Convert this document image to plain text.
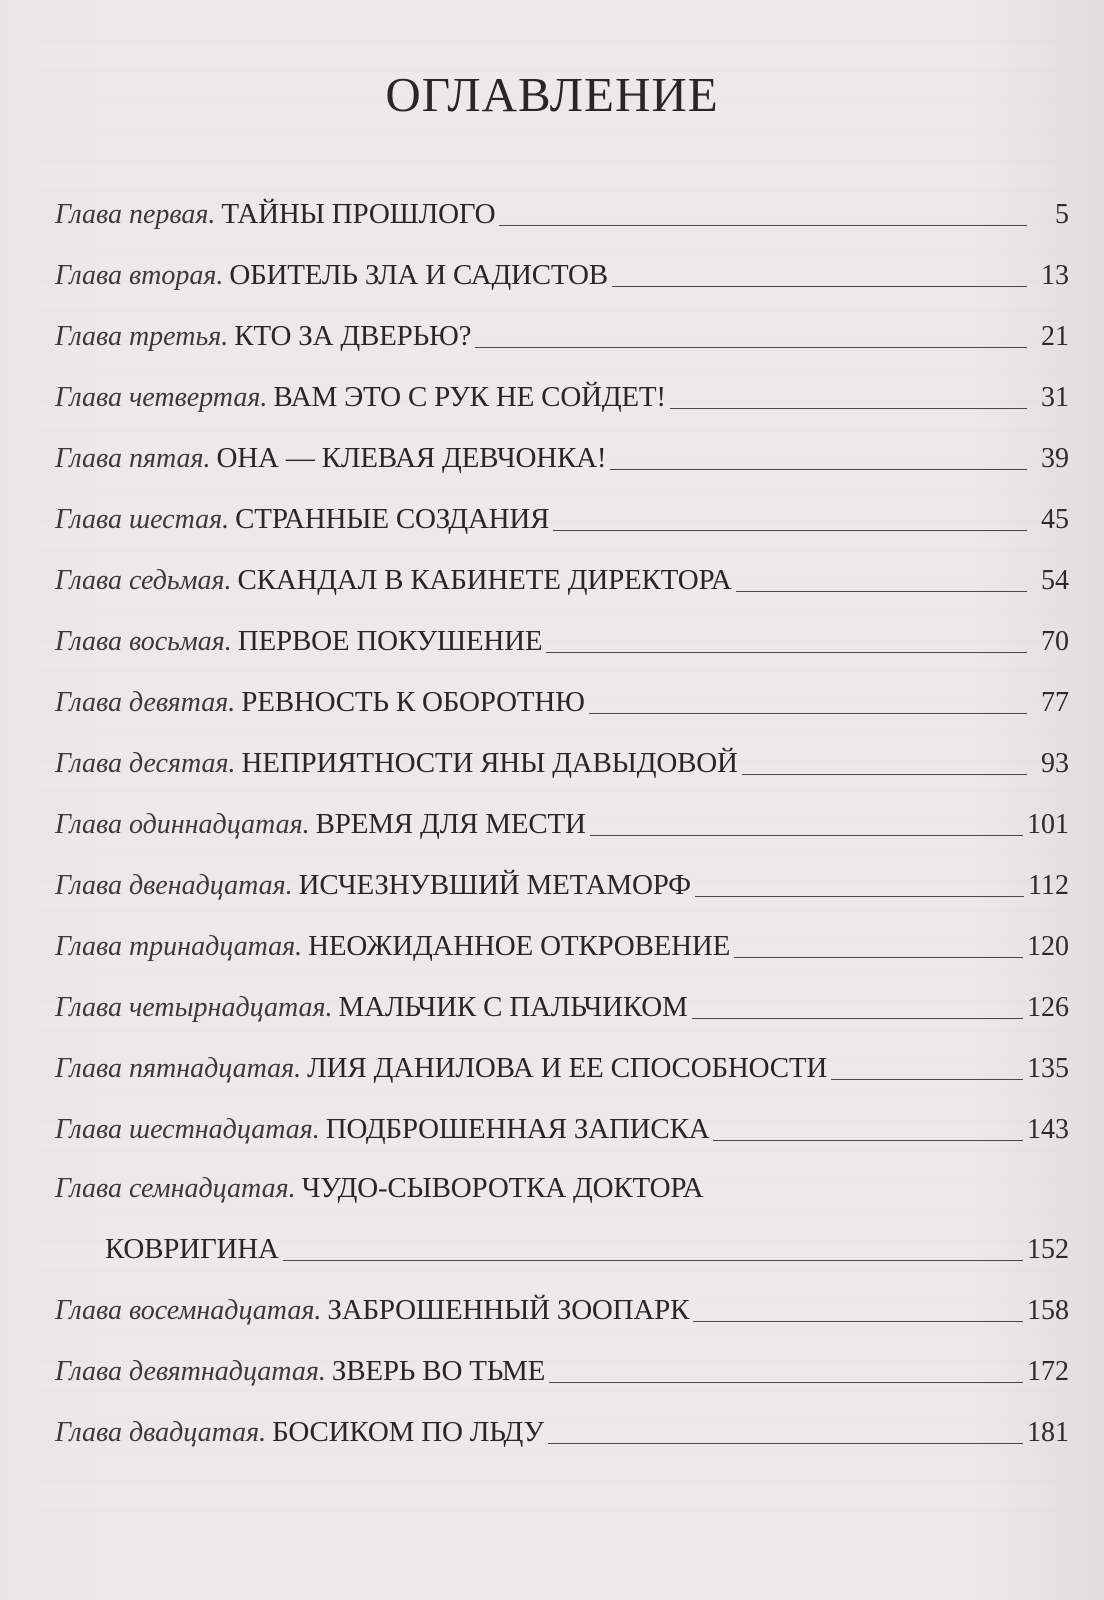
ОГЛАВЛЕНИЕ
Глава первая. ТАЙНЫ ПРОШЛОГО	5
Глава вторая. ОБИТЕЛЬ ЗЛА И САДИСТОВ	13
Глава третья. КТО ЗА ДВЕРЬЮ?	21
Глава четвертая. ВАМ ЭТО С РУК НЕ СОЙДЕТ!	31
Глава пятая. ОНА — КЛЕВАЯ ДЕВЧОНКА!	39
Глава шестая. СТРАННЫЕ СОЗДАНИЯ	45
Глава седьмая. СКАНДАЛ В КАБИНЕТЕ ДИРЕКТОРА	54
Глава восьмая. ПЕРВОЕ ПОКУШЕНИЕ	70
Глава девятая. РЕВНОСТЬ К ОБОРОТНЮ	77
Глава десятая. НЕПРИЯТНОСТИ ЯНЫ ДАВЫДОВОЙ	93
Глава одиннадцатая. ВРЕМЯ ДЛЯ МЕСТИ	101
Глава двенадцатая. ИСЧЕЗНУВШИЙ МЕТАМОРФ	112
Глава тринадцатая. НЕОЖИДАННОЕ ОТКРОВЕНИЕ	120
Глава четырнадцатая. МАЛЬЧИК С ПАЛЬЧИКОМ	126
Глава пятнадцатая. ЛИЯ ДАНИЛОВА И ЕЕ СПОСОБНОСТИ	135
Глава шестнадцатая. ПОДБРОШЕННАЯ ЗАПИСКА	143
Глава семнадцатая. ЧУДО-СЫВОРОТКА ДОКТОРА
КОВРИГИНА	152
Глава восемнадцатая. ЗАБРОШЕННЫЙ ЗООПАРК	158
Глава девятнадцатая. ЗВЕРЬ ВО ТЬМЕ	172
Глава двадцатая. БОСИКОМ ПО ЛЬДУ	181
